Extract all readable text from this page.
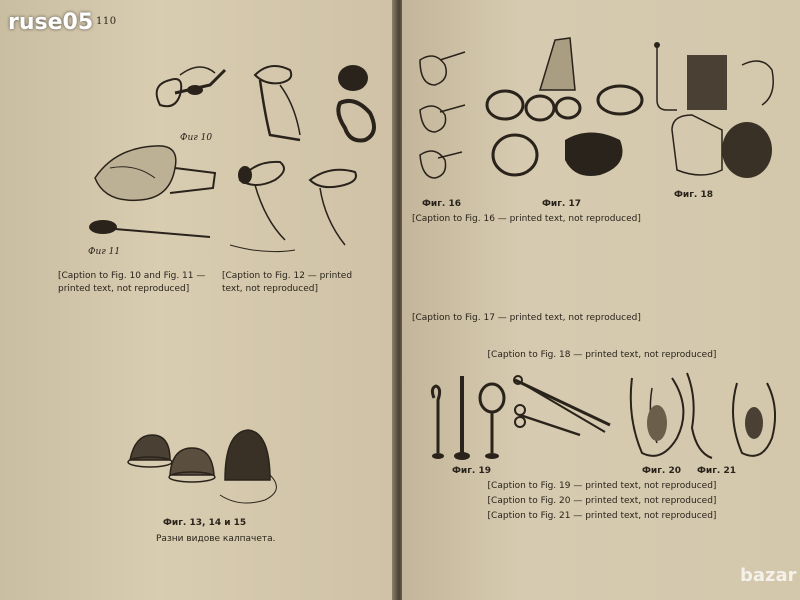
110
Фиг 10
Фиг 11
[Caption to Fig. 10 and Fig. 11 — printed text, not reproduced]
[Caption to Fig. 12 — printed text, not reproduced]
Фиг. 13, 14 и 15
Разни видове калпачета.
Фиг. 16	Фиг. 17
Фиг. 18
[Caption to Fig. 16 — printed text, not reproduced]
[Caption to Fig. 17 — printed text, not reproduced]
[Caption to Fig. 18 — printed text, not reproduced]
Фиг. 19	Фиг. 20 Фиг. 21
[Caption to Fig. 19 — printed text, not reproduced]
[Caption to Fig. 20 — printed text, not reproduced]
[Caption to Fig. 21 — printed text, not reproduced]
ruse05
bazar
